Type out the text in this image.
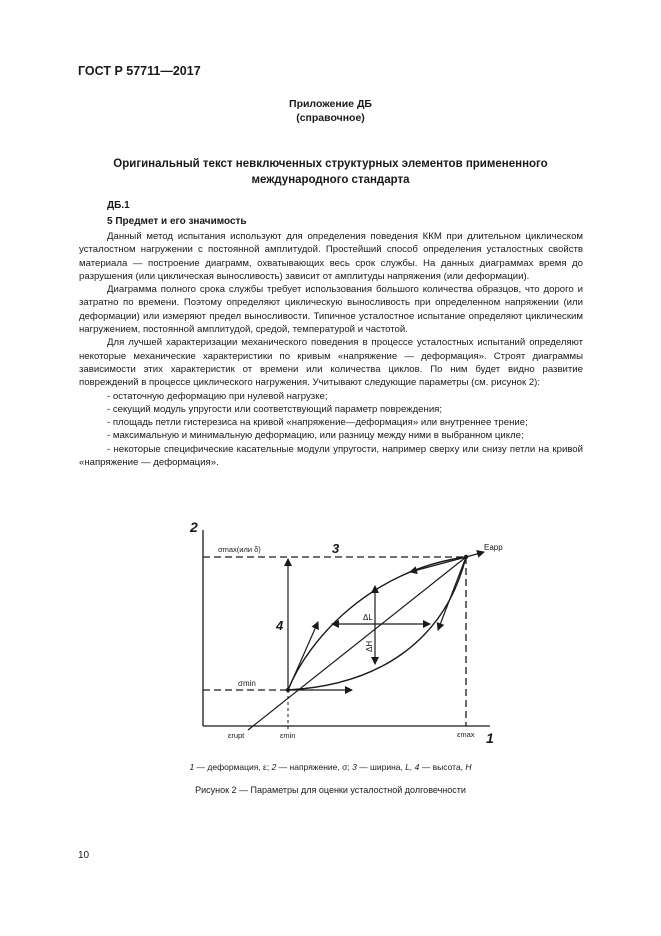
ГОСТ Р 57711—2017
Приложение ДБ
(справочное)
Оригинальный текст невключенных структурных элементов примененного
международного стандарта
ДБ.1
5 Предмет и его значимость

Данный метод испытания используют для определения поведения ККМ при длительном циклическом усталостном нагружении с постоянной амплитудой. Простейший способ определения усталостных свойств материала — построение диаграмм, охватывающих весь срок службы. На данных диаграммах время до разрушения (или циклическая выносливость) зависит от амплитуды напряжения (или деформации).

Диаграмма полного срока службы требует использования большого количества образцов, что дорого и затратно по времени. Поэтому определяют циклическую выносливость при определенном напряжении (или деформации) или измеряют предел выносливости. Типичное усталостное испытание определяют циклическим нагружением, постоянной амплитудой, средой, температурой и частотой.

Для лучшей характеризации механического поведения в процессе усталостных испытаний определяют некоторые механические характеристики по кривым «напряжение — деформация». Строят диаграммы зависимости этих характеристик от времени или количества циклов. По ним будет видно развитие повреждений в процессе циклического нагружения. Учитывают следующие параметры (см. рисунок 2):

- остаточную деформацию при нулевой нагрузке;
- секущий модуль упругости или соответствующий параметр повреждения;
- площадь петли гистерезиса на кривой «напряжение—деформация» или внутреннее трение;
- максимальную и минимальную деформацию, или разницу между ними в выбранном цикле;
- некоторые специфические касательные модули упругости, например сверху или снизу петли на кривой «напряжение — деформация».
2
1
σmax(или δ)
σmin
3
4
Eapp
ΔL
ΔH
εrupt	εmin	εmax
1 — деформация, ε; 2 — напряжение, σ; 3 — ширина, L, 4 — высота, H
Рисунок 2 — Параметры для оценки усталостной долговечности
10
